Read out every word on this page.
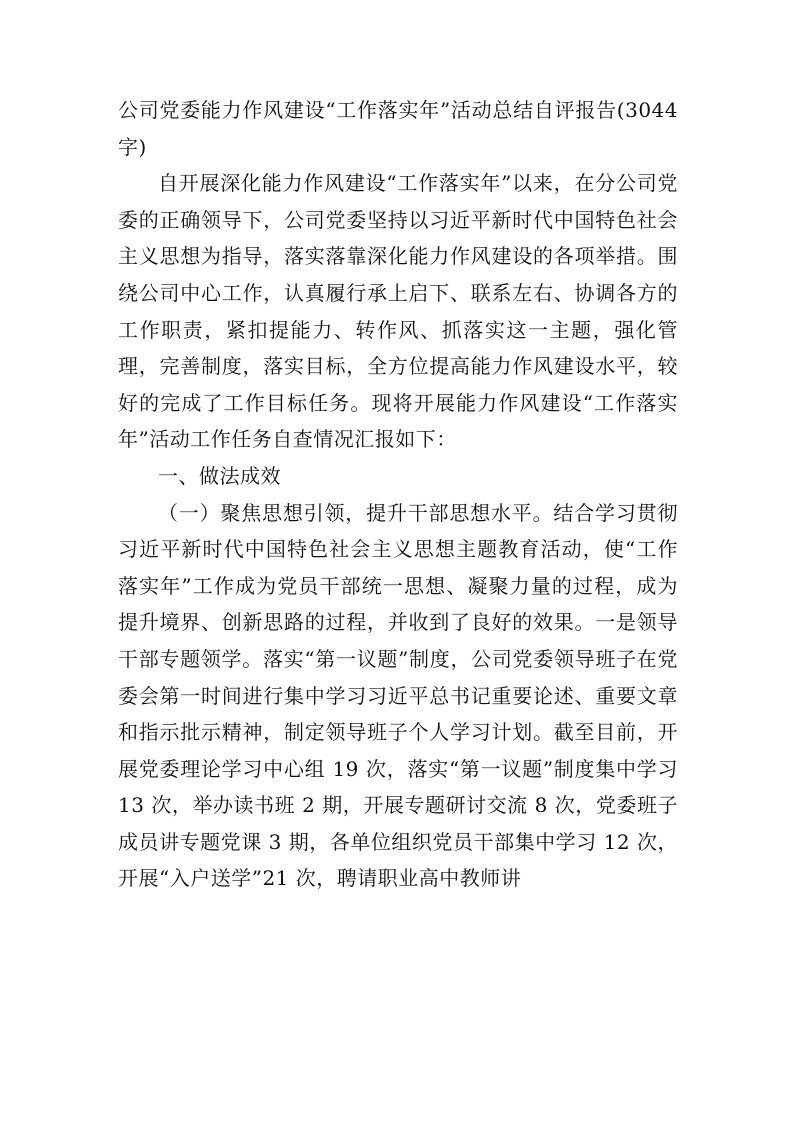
公司党委能力作风建设“工作落实年”活动总结自评报告(3044字)

自开展深化能力作风建设“工作落实年”以来，在分公司党委的正确领导下，公司党委坚持以习近平新时代中国特色社会主义思想为指导，落实落靠深化能力作风建设的各项举措。围绕公司中心工作，认真履行承上启下、联系左右、协调各方的工作职责，紧扣提能力、转作风、抓落实这一主题，强化管理，完善制度，落实目标，全方位提高能力作风建设水平，较好的完成了工作目标任务。现将开展能力作风建设“工作落实年”活动工作任务自查情况汇报如下：

一、做法成效

（一）聚焦思想引领，提升干部思想水平。结合学习贯彻习近平新时代中国特色社会主义思想主题教育活动，使“工作落实年”工作成为党员干部统一思想、凝聚力量的过程，成为提升境界、创新思路的过程，并收到了良好的效果。一是领导干部专题领学。落实“第一议题”制度，公司党委领导班子在党委会第一时间进行集中学习习近平总书记重要论述、重要文章和指示批示精神，制定领导班子个人学习计划。截至目前，开展党委理论学习中心组 19 次，落实“第一议题”制度集中学习 13 次，举办读书班 2 期，开展专题研讨交流 8 次，党委班子成员讲专题党课 3 期，各单位组织党员干部集中学习 12 次，开展“入户送学”21 次，聘请职业高中教师讲
